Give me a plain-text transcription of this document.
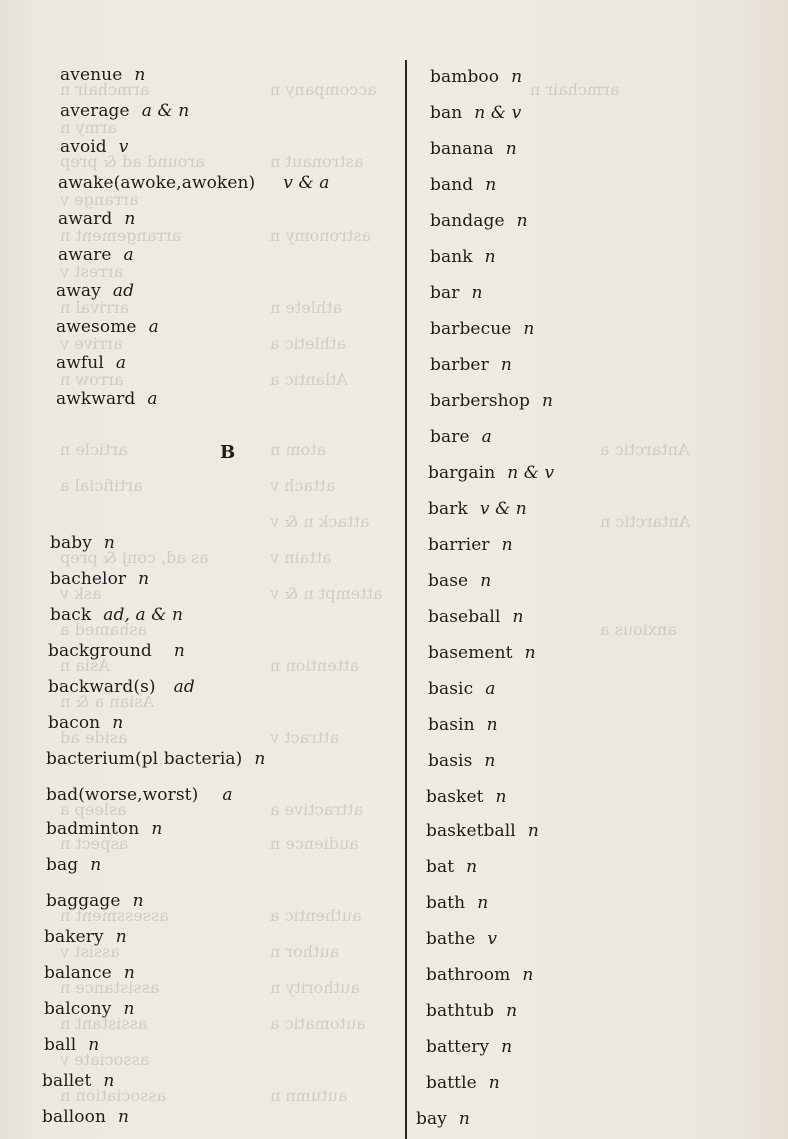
armchair n
army n
around ad & prep
arrange v
arrangement n
arrest v
arrival n
arrive v
arrow n
accompany n
astronaut n
astronomy n
athlete n
athletic a
Atlantic a
atom n
attach v
attack n & v
attain v
attempt n & v
attention n
attract v
attractive a
audience n
authentic a
author n
authority n
automatic a
autumn n
article n
artificial a
as ad, conj & prep
ask v
ashamed a
Asia n
Asian a & n
aside ad
asleep a
aspect n
assessment n
assist v
assistance n
assistant n
associate v
association n
armchair n
Antarctic a
Antarctic n
anxious a
avenue n
average a & n
avoid v
awake(awoke,awoken) v & a
award n
aware a
away ad
awesome a
awful a
awkward a
B
baby n
bachelor n
back ad, a & n
background n
backward(s) ad
bacon n
bacterium(pl bacteria) n
bad(worse,worst) a
badminton n
bag n
baggage n
bakery n
balance n
balcony n
ball n
ballet n
balloon n
bamboo n
ban n & v
banana n
band n
bandage n
bank n
bar n
barbecue n
barber n
barbershop n
bare a
bargain n & v
bark v & n
barrier n
base n
baseball n
basement n
basic a
basin n
basis n
basket n
basketball n
bat n
bath n
bathe v
bathroom n
bathtub n
battery n
battle n
bay n
